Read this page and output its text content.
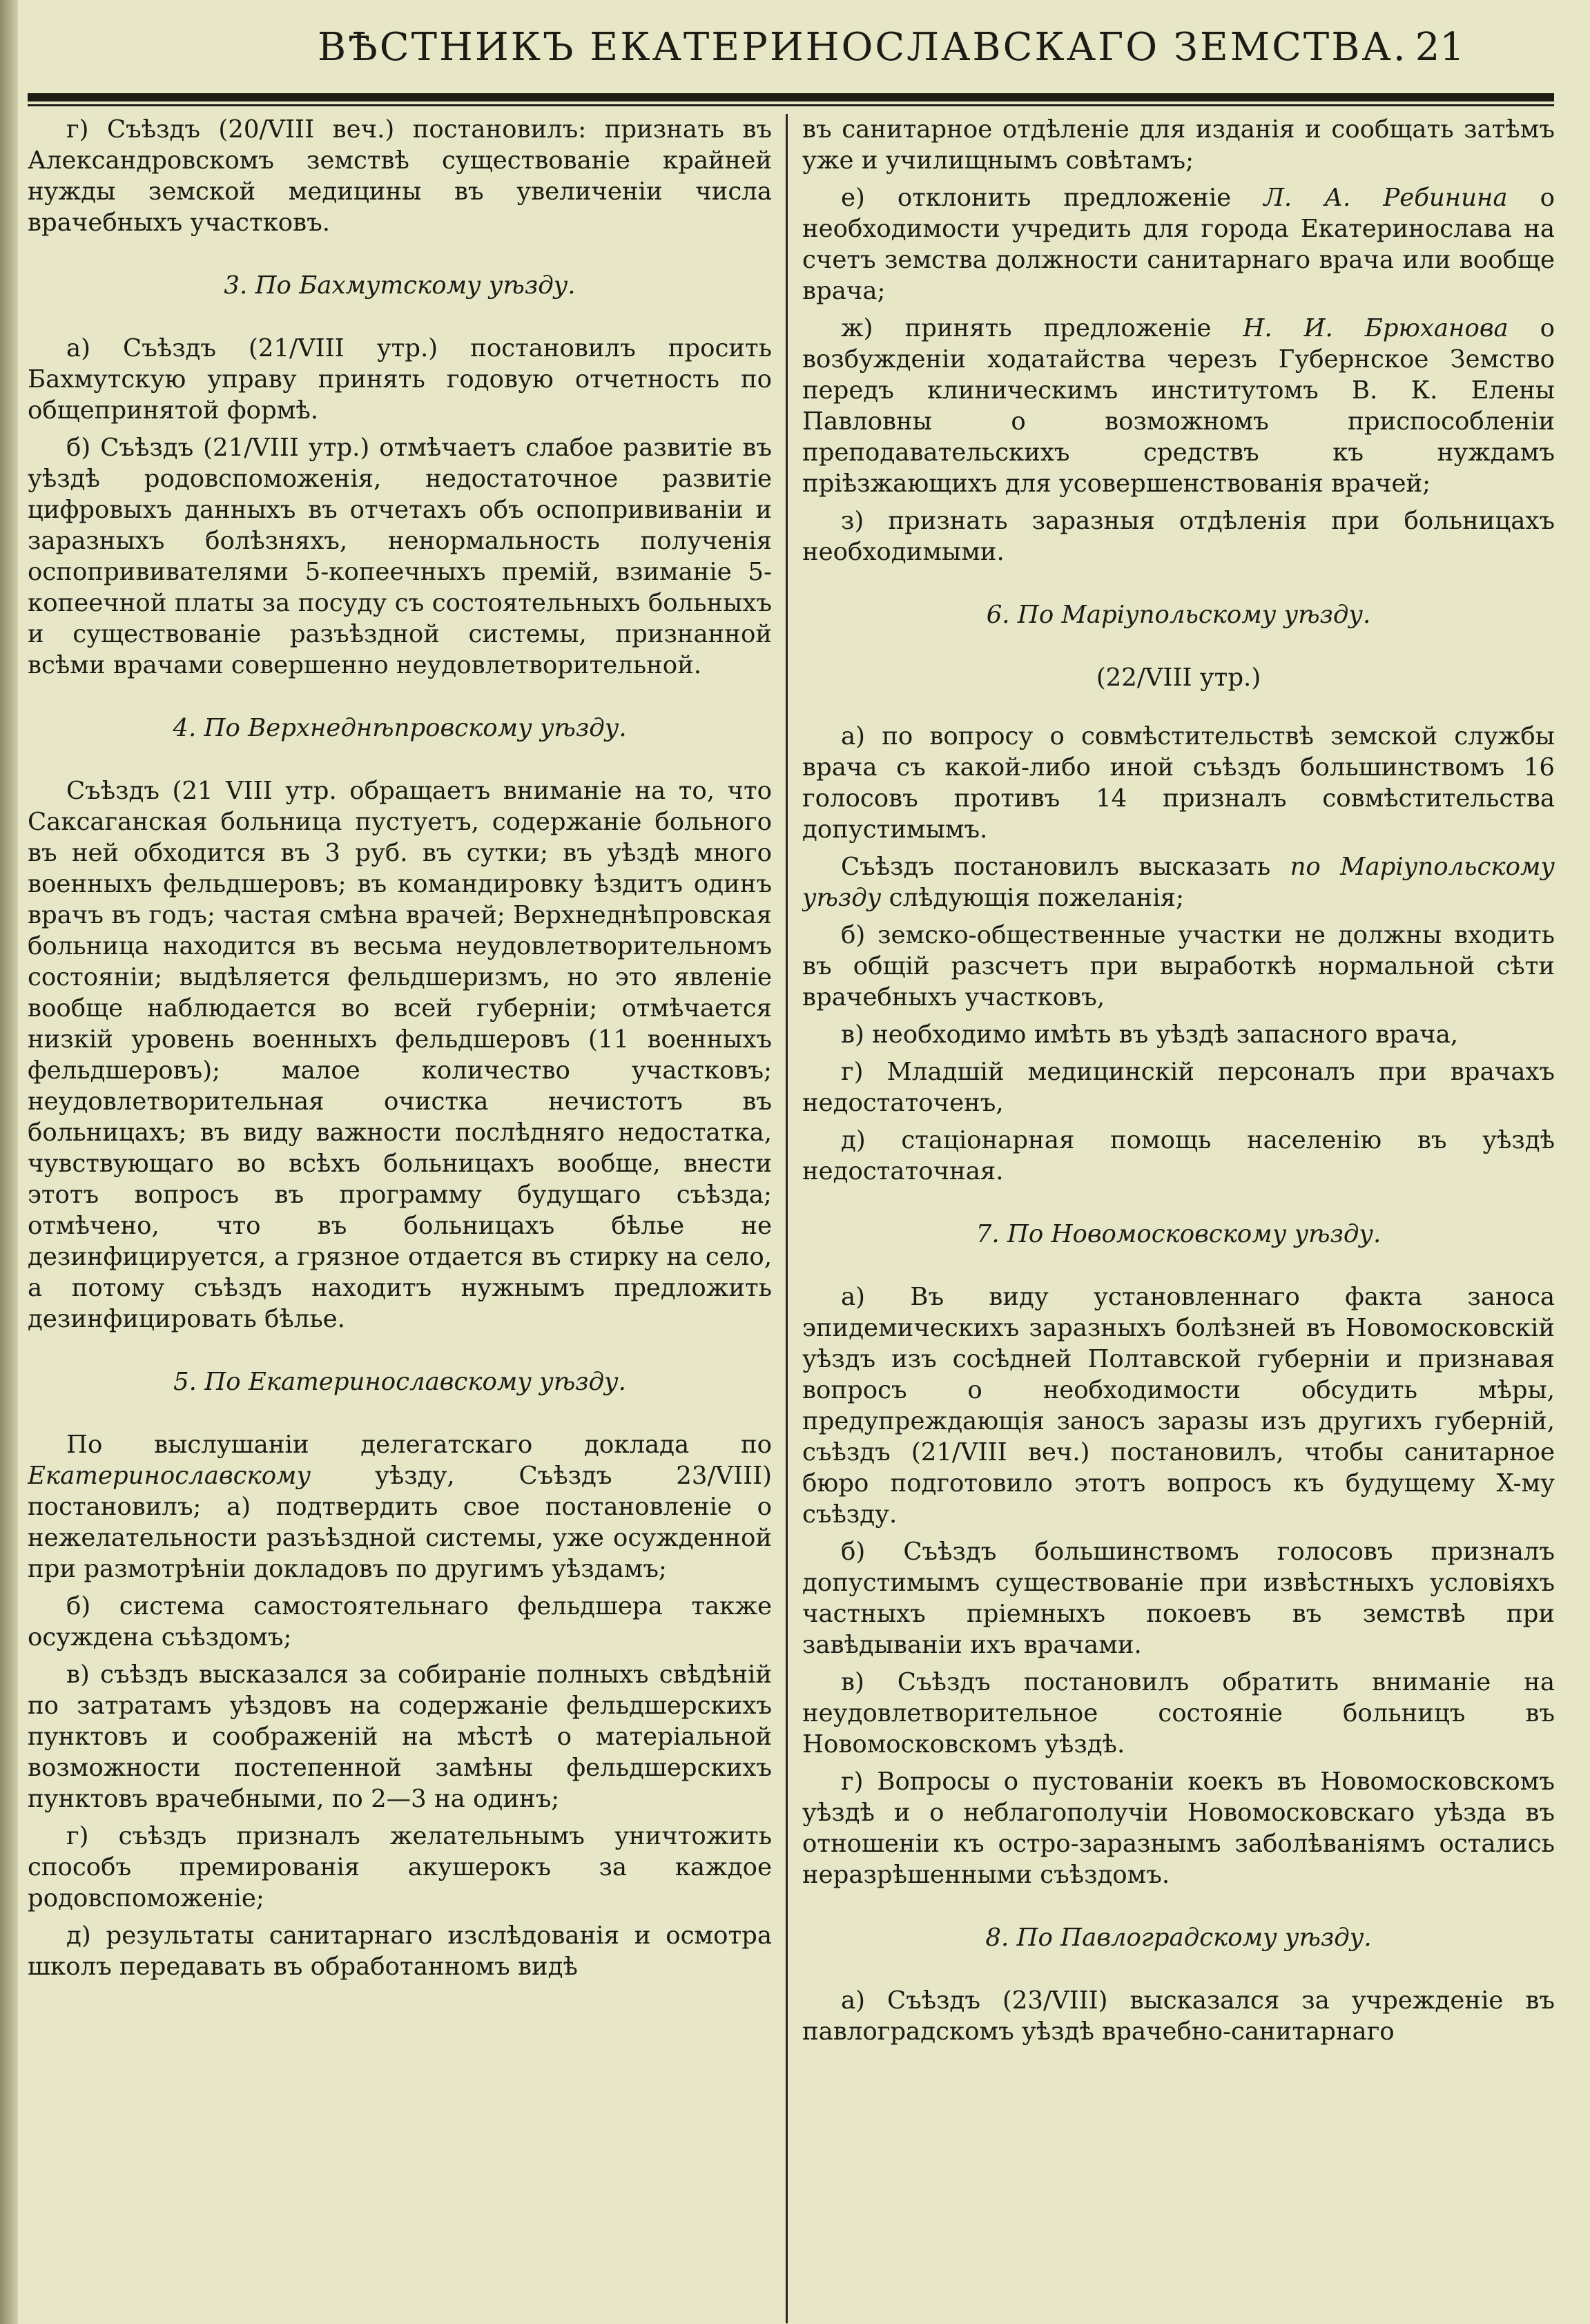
ВѢСТНИКЪ ЕКАТЕРИНОСЛАВСКАГО ЗЕМСТВА. 21

г) Съѣздъ (20/VIII веч.) постановилъ: признать въ Александровскомъ земствѣ существованіе крайней нужды земской медицины въ увеличеніи числа врачебныхъ участковъ.

3. По Бахмутскому уѣзду.

а) Съѣздъ (21/VIII утр.) постановилъ просить Бахмутскую управу принять годовую отчетность по общепринятой формѣ.

б) Съѣздъ (21/VIII утр.) отмѣчаетъ слабое развитіе въ уѣздѣ родовспоможенія, недостаточное развитіе цифровыхъ данныхъ въ отчетахъ объ оспопрививаніи и заразныхъ болѣзняхъ, ненормальность полученія оспопрививателями 5-копеечныхъ премій, взиманіе 5-копеечной платы за посуду съ состоятельныхъ больныхъ и существованіе разъѣздной системы, признанной всѣми врачами совершенно неудовлетворительной.

4. По Верхнеднѣпровскому уѣзду.

Съѣздъ (21 VIII утр. обращаетъ вниманіе на то, что Саксаганская больница пустуетъ, содержаніе больного въ ней обходится въ 3 руб. въ сутки; въ уѣздѣ много военныхъ фельдшеровъ; въ командировку ѣздитъ одинъ врачъ въ годъ; частая смѣна врачей; Верхнеднѣпровская больница находится въ весьма неудовлетворительномъ состояніи; выдѣляется фельдшеризмъ, но это явленіе вообще наблюдается во всей губерніи; отмѣчается низкій уровень военныхъ фельдшеровъ (11 военныхъ фельдшеровъ); малое количество участковъ; неудовлетворительная очистка нечистотъ въ больницахъ; въ виду важности послѣдняго недостатка, чувствующаго во всѣхъ больницахъ вообще, внести этотъ вопросъ въ программу будущаго съѣзда; отмѣчено, что въ больницахъ бѣлье не дезинфицируется, а грязное отдается въ стирку на село, а потому съѣздъ находитъ нужнымъ предложить дезинфицировать бѣлье.

5. По Екатеринославскому уѣзду.

По выслушаніи делегатскаго доклада по Екатеринославскому уѣзду, Съѣздъ 23/VIII) постановилъ; а) подтвердить свое постановленіе о нежелательности разъѣздной системы, уже осужденной при размотрѣніи докладовъ по другимъ уѣздамъ;

б) система самостоятельнаго фельдшера также осуждена съѣздомъ;

в) съѣздъ высказался за собираніе полныхъ свѣдѣній по затратамъ уѣздовъ на содержаніе фельдшерскихъ пунктовъ и соображеній на мѣстѣ о матеріальной возможности постепенной замѣны фельдшерскихъ пунктовъ врачебными, по 2—3 на одинъ;

г) съѣздъ призналъ желательнымъ уничтожить способъ премированія акушерокъ за каждое родовспоможеніе;

д) результаты санитарнаго изслѣдованія и осмотра школъ передавать въ обработанномъ видѣ

въ санитарное отдѣленіе для изданія и сообщать затѣмъ уже и училищнымъ совѣтамъ;

е) отклонить предложеніе Л. А. Ребинина о необходимости учредить для города Екатеринослава на счетъ земства должности санитарнаго врача или вообще врача;

ж) принять предложеніе Н. И. Брюханова о возбужденіи ходатайства черезъ Губернское Земство передъ клиническимъ институтомъ В. К. Елены Павловны о возможномъ приспособленіи преподавательскихъ средствъ къ нуждамъ пріѣзжающихъ для усовершенствованія врачей;

з) признать заразныя отдѣленія при больницахъ необходимыми.

6. По Маріупольскому уѣзду.

(22/VIII утр.)

а) по вопросу о совмѣстительствѣ земской службы врача съ какой-либо иной съѣздъ большинствомъ 16 голосовъ противъ 14 призналъ совмѣстительства допустимымъ.

Съѣздъ постановилъ высказать по Маріупольскому уѣзду слѣдующія пожеланія;

б) земско-общественные участки не должны входить въ общій разсчетъ при выработкѣ нормальной сѣти врачебныхъ участковъ,

в) необходимо имѣть въ уѣздѣ запасного врача,

г) Младшій медицинскій персоналъ при врачахъ недостаточенъ,

д) стаціонарная помощь населенію въ уѣздѣ недостаточная.

7. По Новомосковскому уѣзду.

а) Въ виду установленнаго факта заноса эпидемическихъ заразныхъ болѣзней въ Новомосковскій уѣздъ изъ сосѣдней Полтавской губерніи и признавая вопросъ о необходимости обсудить мѣры, предупреждающія заносъ заразы изъ другихъ губерній, съѣздъ (21/VIII веч.) постановилъ, чтобы санитарное бюро подготовило этотъ вопросъ къ будущему X-му съѣзду.

б) Съѣздъ большинствомъ голосовъ призналъ допустимымъ существованіе при извѣстныхъ условіяхъ частныхъ пріемныхъ покоевъ въ земствѣ при завѣдываніи ихъ врачами.

в) Съѣздъ постановилъ обратить вниманіе на неудовлетворительное состояніе больницъ въ Новомосковскомъ уѣздѣ.

г) Вопросы о пустованіи коекъ въ Новомосковскомъ уѣздѣ и о неблагополучіи Новомосковскаго уѣзда въ отношеніи къ остро-заразнымъ заболѣваніямъ остались неразрѣшенными съѣздомъ.

8. По Павлоградскому уѣзду.

а) Съѣздъ (23/VIII) высказался за учрежденіе въ павлоградскомъ уѣздѣ врачебно-санитарнаго
